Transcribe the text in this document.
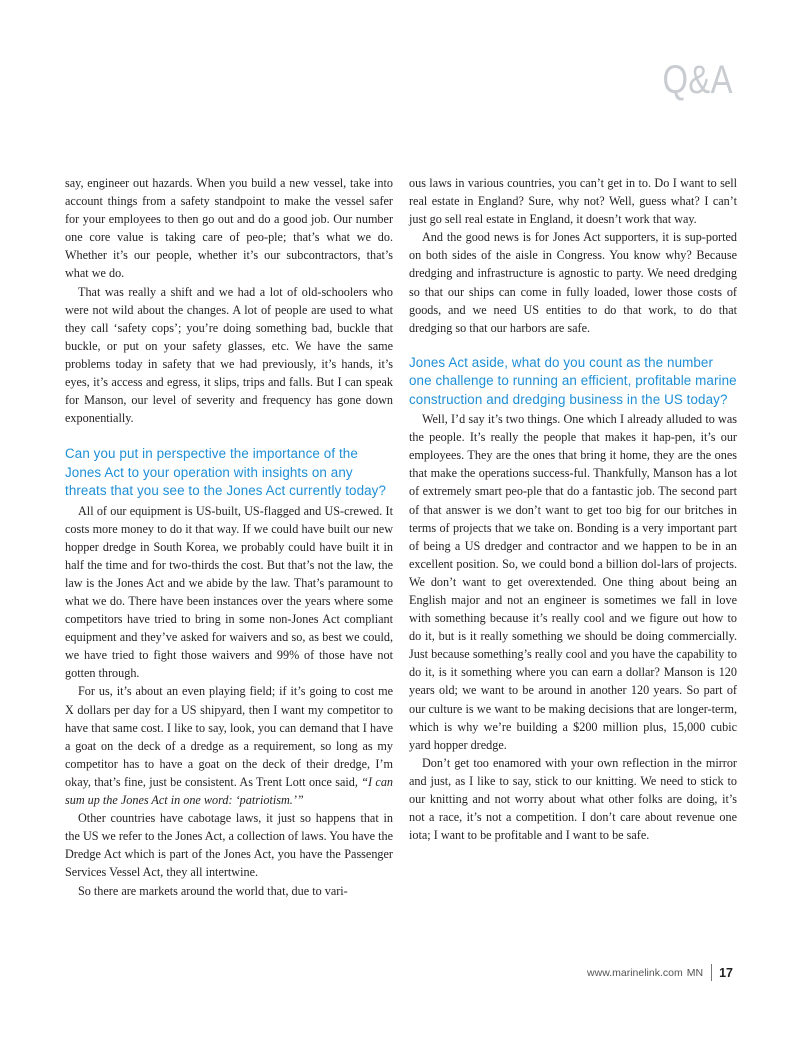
Q&A

say, engineer out hazards. When you build a new vessel, take into account things from a safety standpoint to make the vessel safer for your employees to then go out and do a good job. Our number one core value is taking care of peo-ple; that’s what we do. Whether it’s our people, whether it’s our subcontractors, that’s what we do.

That was really a shift and we had a lot of old-schoolers who were not wild about the changes. A lot of people are used to what they call ‘safety cops’; you’re doing something bad, buckle that buckle, or put on your safety glasses, etc. We have the same problems today in safety that we had previously, it’s hands, it’s eyes, it’s access and egress, it slips, trips and falls. But I can speak for Manson, our level of severity and frequency has gone down exponentially.

Can you put in perspective the importance of the Jones Act to your operation with insights on any threats that you see to the Jones Act currently today?

All of our equipment is US-built, US-flagged and US-crewed. It costs more money to do it that way. If we could have built our new hopper dredge in South Korea, we probably could have built it in half the time and for two-thirds the cost. But that’s not the law, the law is the Jones Act and we abide by the law. That’s paramount to what we do. There have been instances over the years where some competitors have tried to bring in some non-Jones Act compliant equipment and they’ve asked for waivers and so, as best we could, we have tried to fight those waivers and 99% of those have not gotten through.

For us, it’s about an even playing field; if it’s going to cost me X dollars per day for a US shipyard, then I want my competitor to have that same cost. I like to say, look, you can demand that I have a goat on the deck of a dredge as a requirement, so long as my competitor has to have a goat on the deck of their dredge, I’m okay, that’s fine, just be consistent. As Trent Lott once said, “I can sum up the Jones Act in one word: ‘patriotism.’”

Other countries have cabotage laws, it just so happens that in the US we refer to the Jones Act, a collection of laws. You have the Dredge Act which is part of the Jones Act, you have the Passenger Services Vessel Act, they all intertwine.

So there are markets around the world that, due to vari-

ous laws in various countries, you can’t get in to. Do I want to sell real estate in England? Sure, why not? Well, guess what? I can’t just go sell real estate in England, it doesn’t work that way.

And the good news is for Jones Act supporters, it is sup-ported on both sides of the aisle in Congress. You know why? Because dredging and infrastructure is agnostic to party. We need dredging so that our ships can come in fully loaded, lower those costs of goods, and we need US entities to do that work, to do that dredging so that our harbors are safe.

Jones Act aside, what do you count as the number one challenge to running an efficient, profitable marine construction and dredging business in the US today?

Well, I’d say it’s two things. One which I already alluded to was the people. It’s really the people that makes it hap-pen, it’s our employees. They are the ones that bring it home, they are the ones that make the operations success-ful. Thankfully, Manson has a lot of extremely smart peo-ple that do a fantastic job. The second part of that answer is we don’t want to get too big for our britches in terms of projects that we take on. Bonding is a very important part of being a US dredger and contractor and we happen to be in an excellent position. So, we could bond a billion dol-lars of projects. We don’t want to get overextended. One thing about being an English major and not an engineer is sometimes we fall in love with something because it’s really cool and we figure out how to do it, but is it really something we should be doing commercially. Just because something’s really cool and you have the capability to do it, is it something where you can earn a dollar? Manson is 120 years old; we want to be around in another 120 years. So part of our culture is we want to be making decisions that are longer-term, which is why we’re building a $200 million plus, 15,000 cubic yard hopper dredge.

Don’t get too enamored with your own reflection in the mirror and just, as I like to say, stick to our knitting. We need to stick to our knitting and not worry about what other folks are doing, it’s not a race, it’s not a competition. I don’t care about revenue one iota; I want to be profitable and I want to be safe.

www.marinelink.com MN 17
